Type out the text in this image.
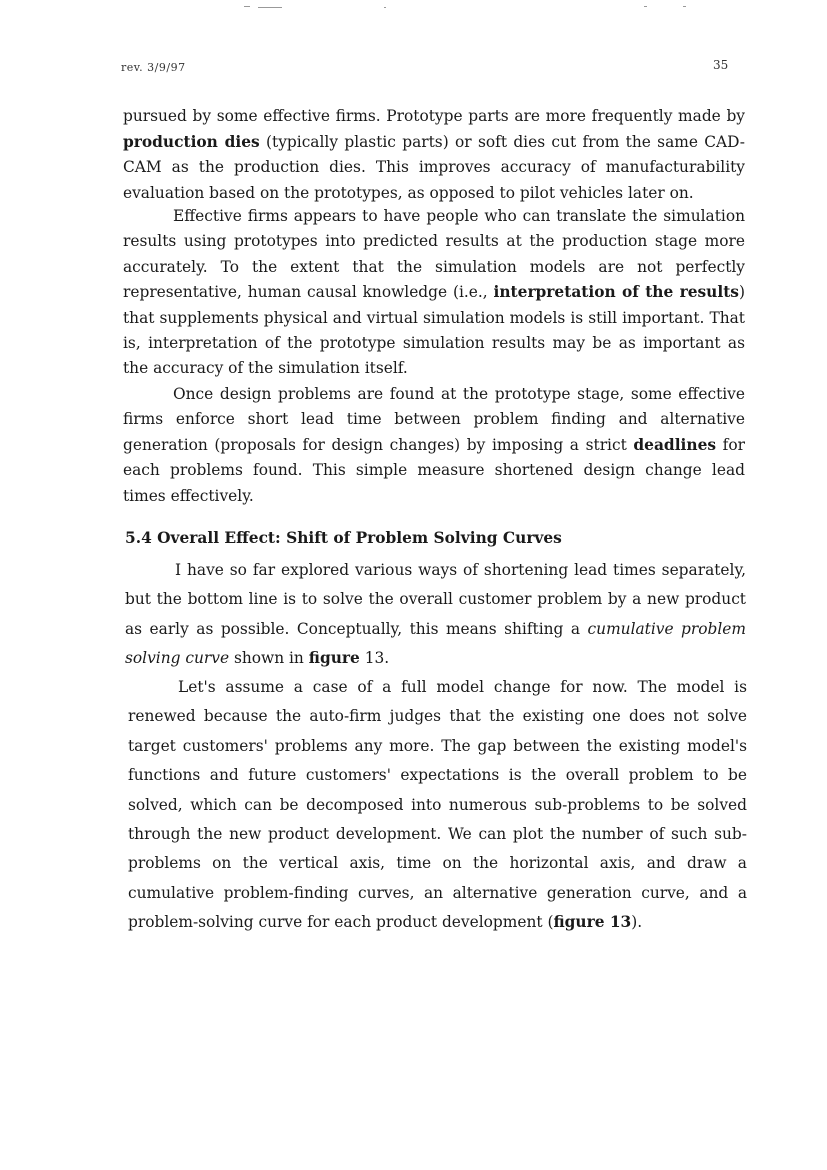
rev. 3/9/97	35

pursued by some effective firms. Prototype parts are more frequently made by production dies (typically plastic parts) or soft dies cut from the same CAD-CAM as the production dies. This improves accuracy of manufacturability evaluation based on the prototypes, as opposed to pilot vehicles later on.

Effective firms appears to have people who can translate the simulation results using prototypes into predicted results at the production stage more accurately. To the extent that the simulation models are not perfectly representative, human causal knowledge (i.e., interpretation of the results) that supplements physical and virtual simulation models is still important. That is, interpretation of the prototype simulation results may be as important as the accuracy of the simulation itself.

Once design problems are found at the prototype stage, some effective firms enforce short lead time between problem finding and alternative generation (proposals for design changes) by imposing a strict deadlines for each problems found. This simple measure shortened design change lead times effectively.

5.4 Overall Effect: Shift of Problem Solving Curves

I have so far explored various ways of shortening lead times separately, but the bottom line is to solve the overall customer problem by a new product as early as possible. Conceptually, this means shifting a cumulative problem solving curve shown in figure 13.

Let's assume a case of a full model change for now. The model is renewed because the auto-firm judges that the existing one does not solve target customers' problems any more. The gap between the existing model's functions and future customers' expectations is the overall problem to be solved, which can be decomposed into numerous sub-problems to be solved through the new product development. We can plot the number of such sub-problems on the vertical axis, time on the horizontal axis, and draw a cumulative problem-finding curves, an alternative generation curve, and a problem-solving curve for each product development (figure 13).
